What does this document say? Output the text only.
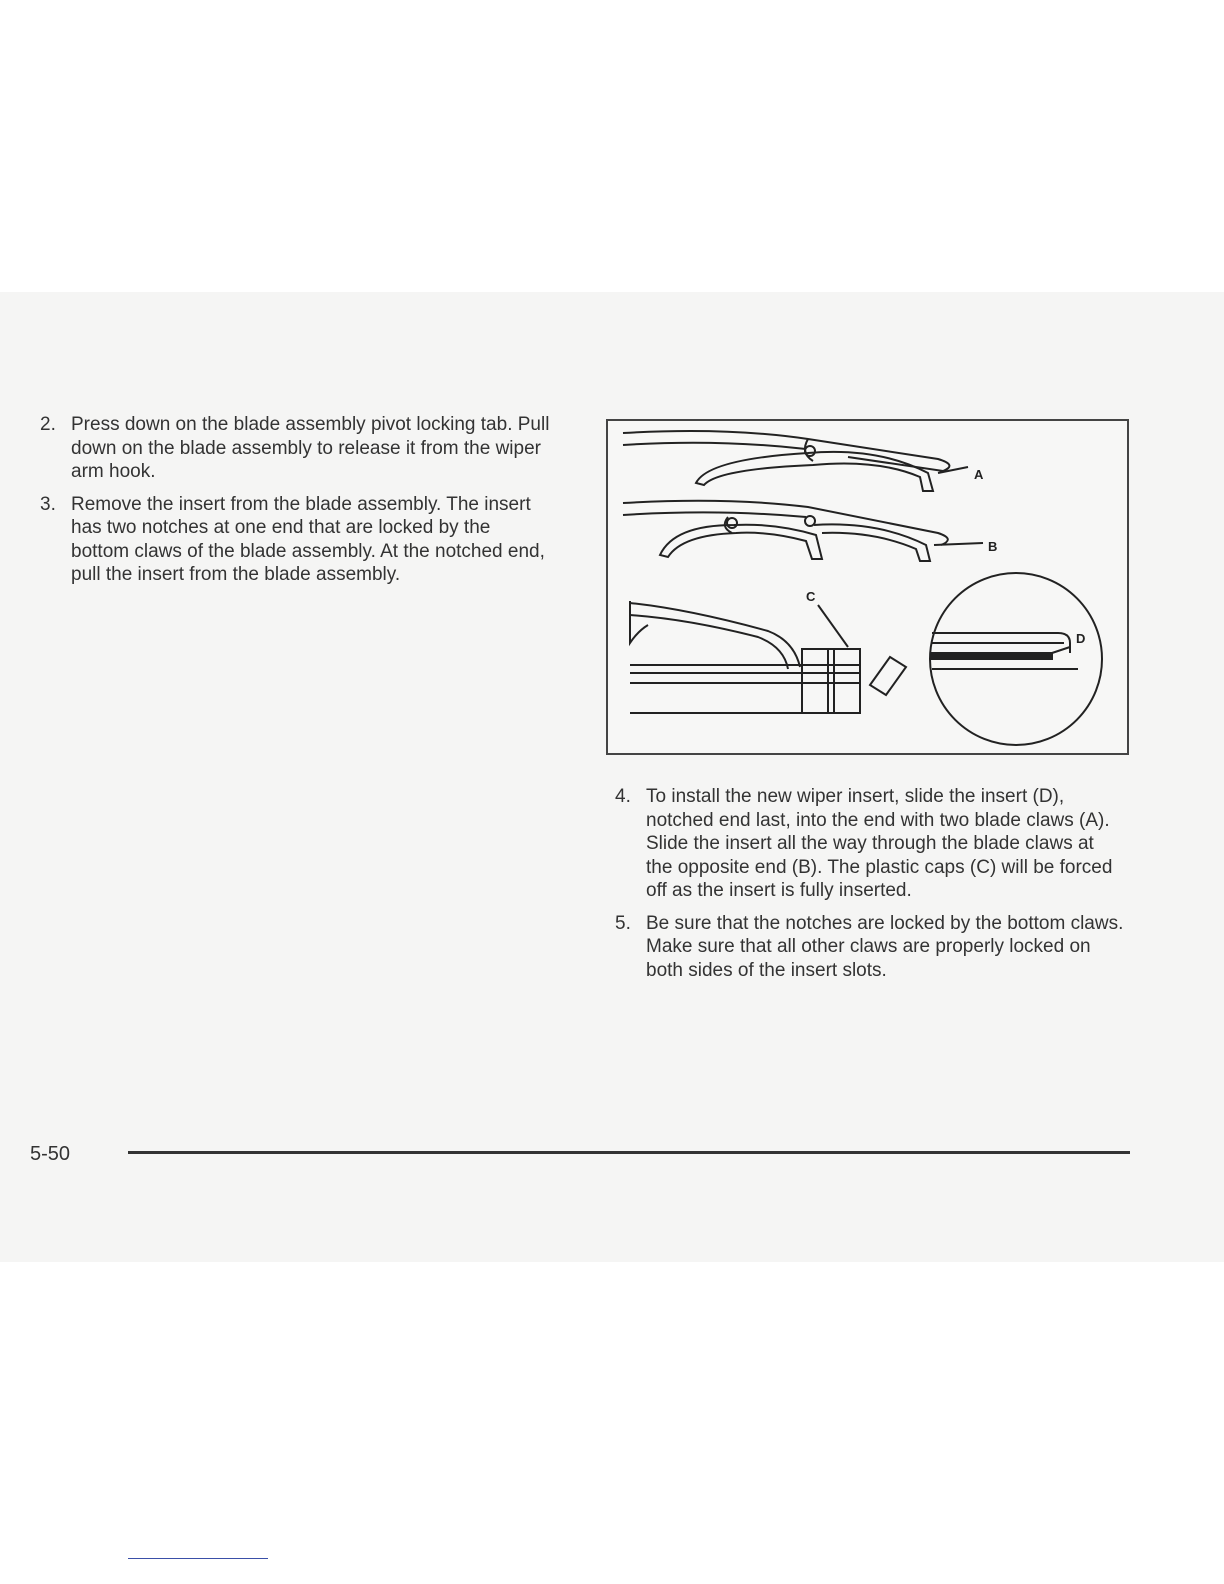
2. Press down on the blade assembly pivot locking tab. Pull down on the blade assembly to release it from the wiper arm hook.
3. Remove the insert from the blade assembly. The insert has two notches at one end that are locked by the bottom claws of the blade assembly. At the notched end, pull the insert from the blade assembly.
A
B
C
D
4. To install the new wiper insert, slide the insert (D), notched end last, into the end with two blade claws (A). Slide the insert all the way through the blade claws at the opposite end (B). The plastic caps (C) will be forced off as the insert is fully inserted.
5. Be sure that the notches are locked by the bottom claws. Make sure that all other claws are properly locked on both sides of the insert slots.
5-50
